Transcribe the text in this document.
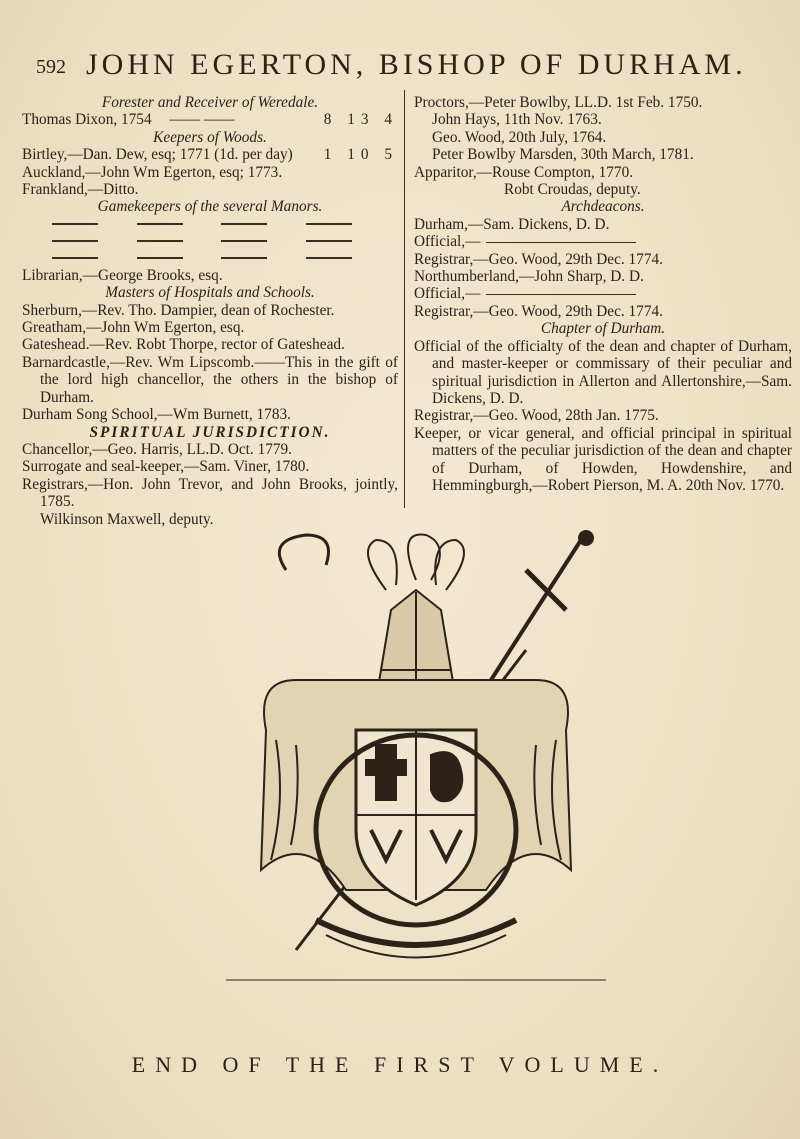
592 JOHN EGERTON, BISHOP OF DURHAM.
Forester and Receiver of Weredale.
Thomas Dixon, 1754 —— ——	8 13 4
Keepers of Woods.
Birtley,—Dan. Dew, esq; 1771 (1d. per day) 1 10 5
Auckland,—John Wm Egerton, esq; 1773.
Frankland,—Ditto.
Gamekeepers of the several Manors.
Librarian,—George Brooks, esq.
Masters of Hospitals and Schools.
Sherburn,—Rev. Tho. Dampier, dean of Rochester.
Greatham,—John Wm Egerton, esq.
Gateshead.—Rev. Robt Thorpe, rector of Gateshead.
Barnardcastle,—Rev. Wm Lipscomb.——This in the gift of the lord high chancellor, the others in the bishop of Durham.
Durham Song School,—Wm Burnett, 1783.
SPIRITUAL JURISDICTION.
Chancellor,—Geo. Harris, LL.D. Oct. 1779.
Surrogate and seal-keeper,—Sam. Viner, 1780.
Registrars,—Hon. John Trevor, and John Brooks, jointly, 1785.
Wilkinson Maxwell, deputy.
Proctors,—Peter Bowlby, LL.D. 1st Feb. 1750.
John Hays, 11th Nov. 1763.
Geo. Wood, 20th July, 1764.
Peter Bowlby Marsden, 30th March, 1781.
Apparitor,—Rouse Compton, 1770.
Robt Croudas, deputy.
Archdeacons.
Durham,—Sam. Dickens, D. D.
Official,—
Registrar,—Geo. Wood, 29th Dec. 1774.
Northumberland,—John Sharp, D. D.
Official,—
Registrar,—Geo. Wood, 29th Dec. 1774.
Chapter of Durham.
Official of the officialty of the dean and chapter of Durham, and master-keeper or commissary of their peculiar and spiritual jurisdiction in Allerton and Allertonshire,—Sam. Dickens, D. D.
Registrar,—Geo. Wood, 28th Jan. 1775.
Keeper, or vicar general, and official principal in spiritual matters of the peculiar jurisdiction of the dean and chapter of Durham, of Howden, Howdenshire, and Hemmingburgh,—Robert Pierson, M. A. 20th Nov. 1770.
END OF THE FIRST VOLUME.
